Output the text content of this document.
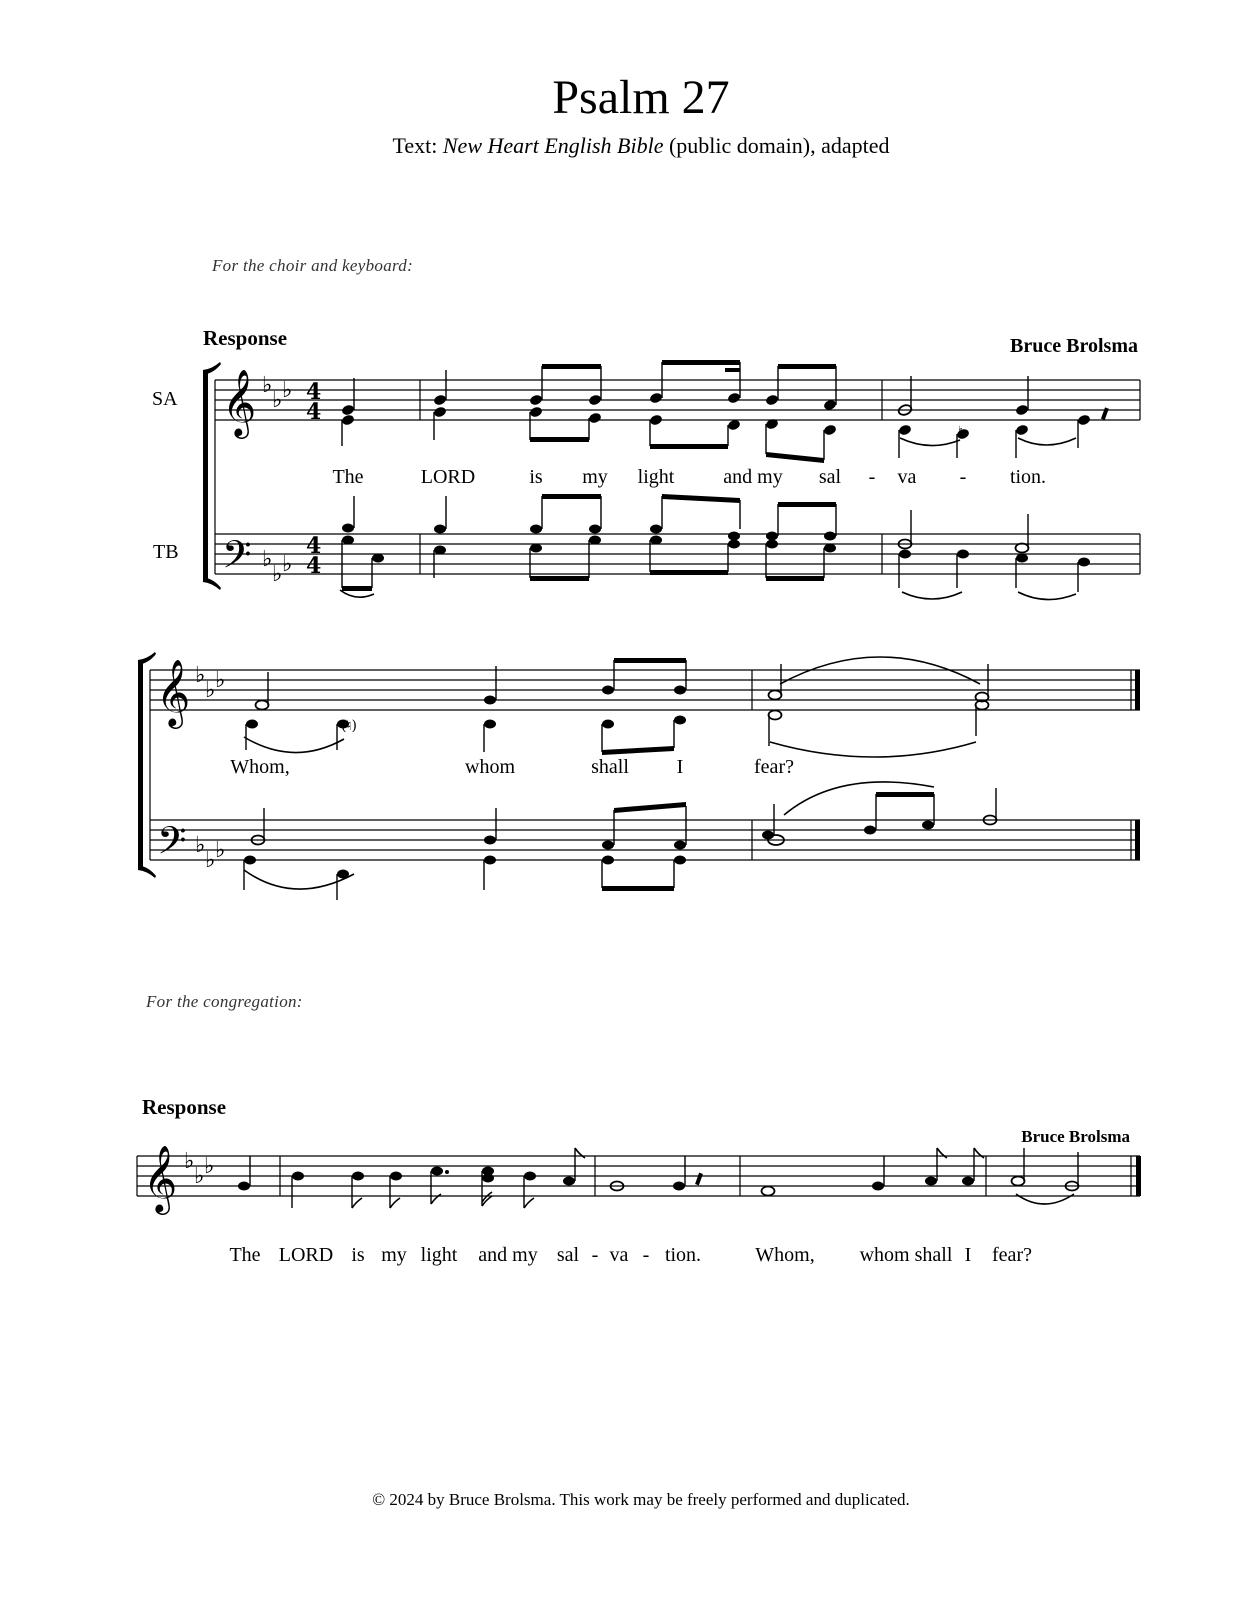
Psalm 27
Text: New Heart English Bible (public domain), adapted
For the choir and keyboard:
Response	Bruce Brolsma
SA
TB
𝄞
𝄢
𝄞
𝄢
𝄞
♭
♭ ♭
♭
♭ ♭
♭
♭ ♭
♭
♭ ♭
♭
♭ ♭
4
4
4
4
(♮)
♮
The	LORD	is my light and my sal - va - tion.
Whom,	whom	shall I	fear?
For the congregation:
Response
Bruce Brolsma
The LORD is my light and my sal - va - tion.	Whom, whom shall I fear?
© 2024 by Bruce Brolsma. This work may be freely performed and duplicated.
